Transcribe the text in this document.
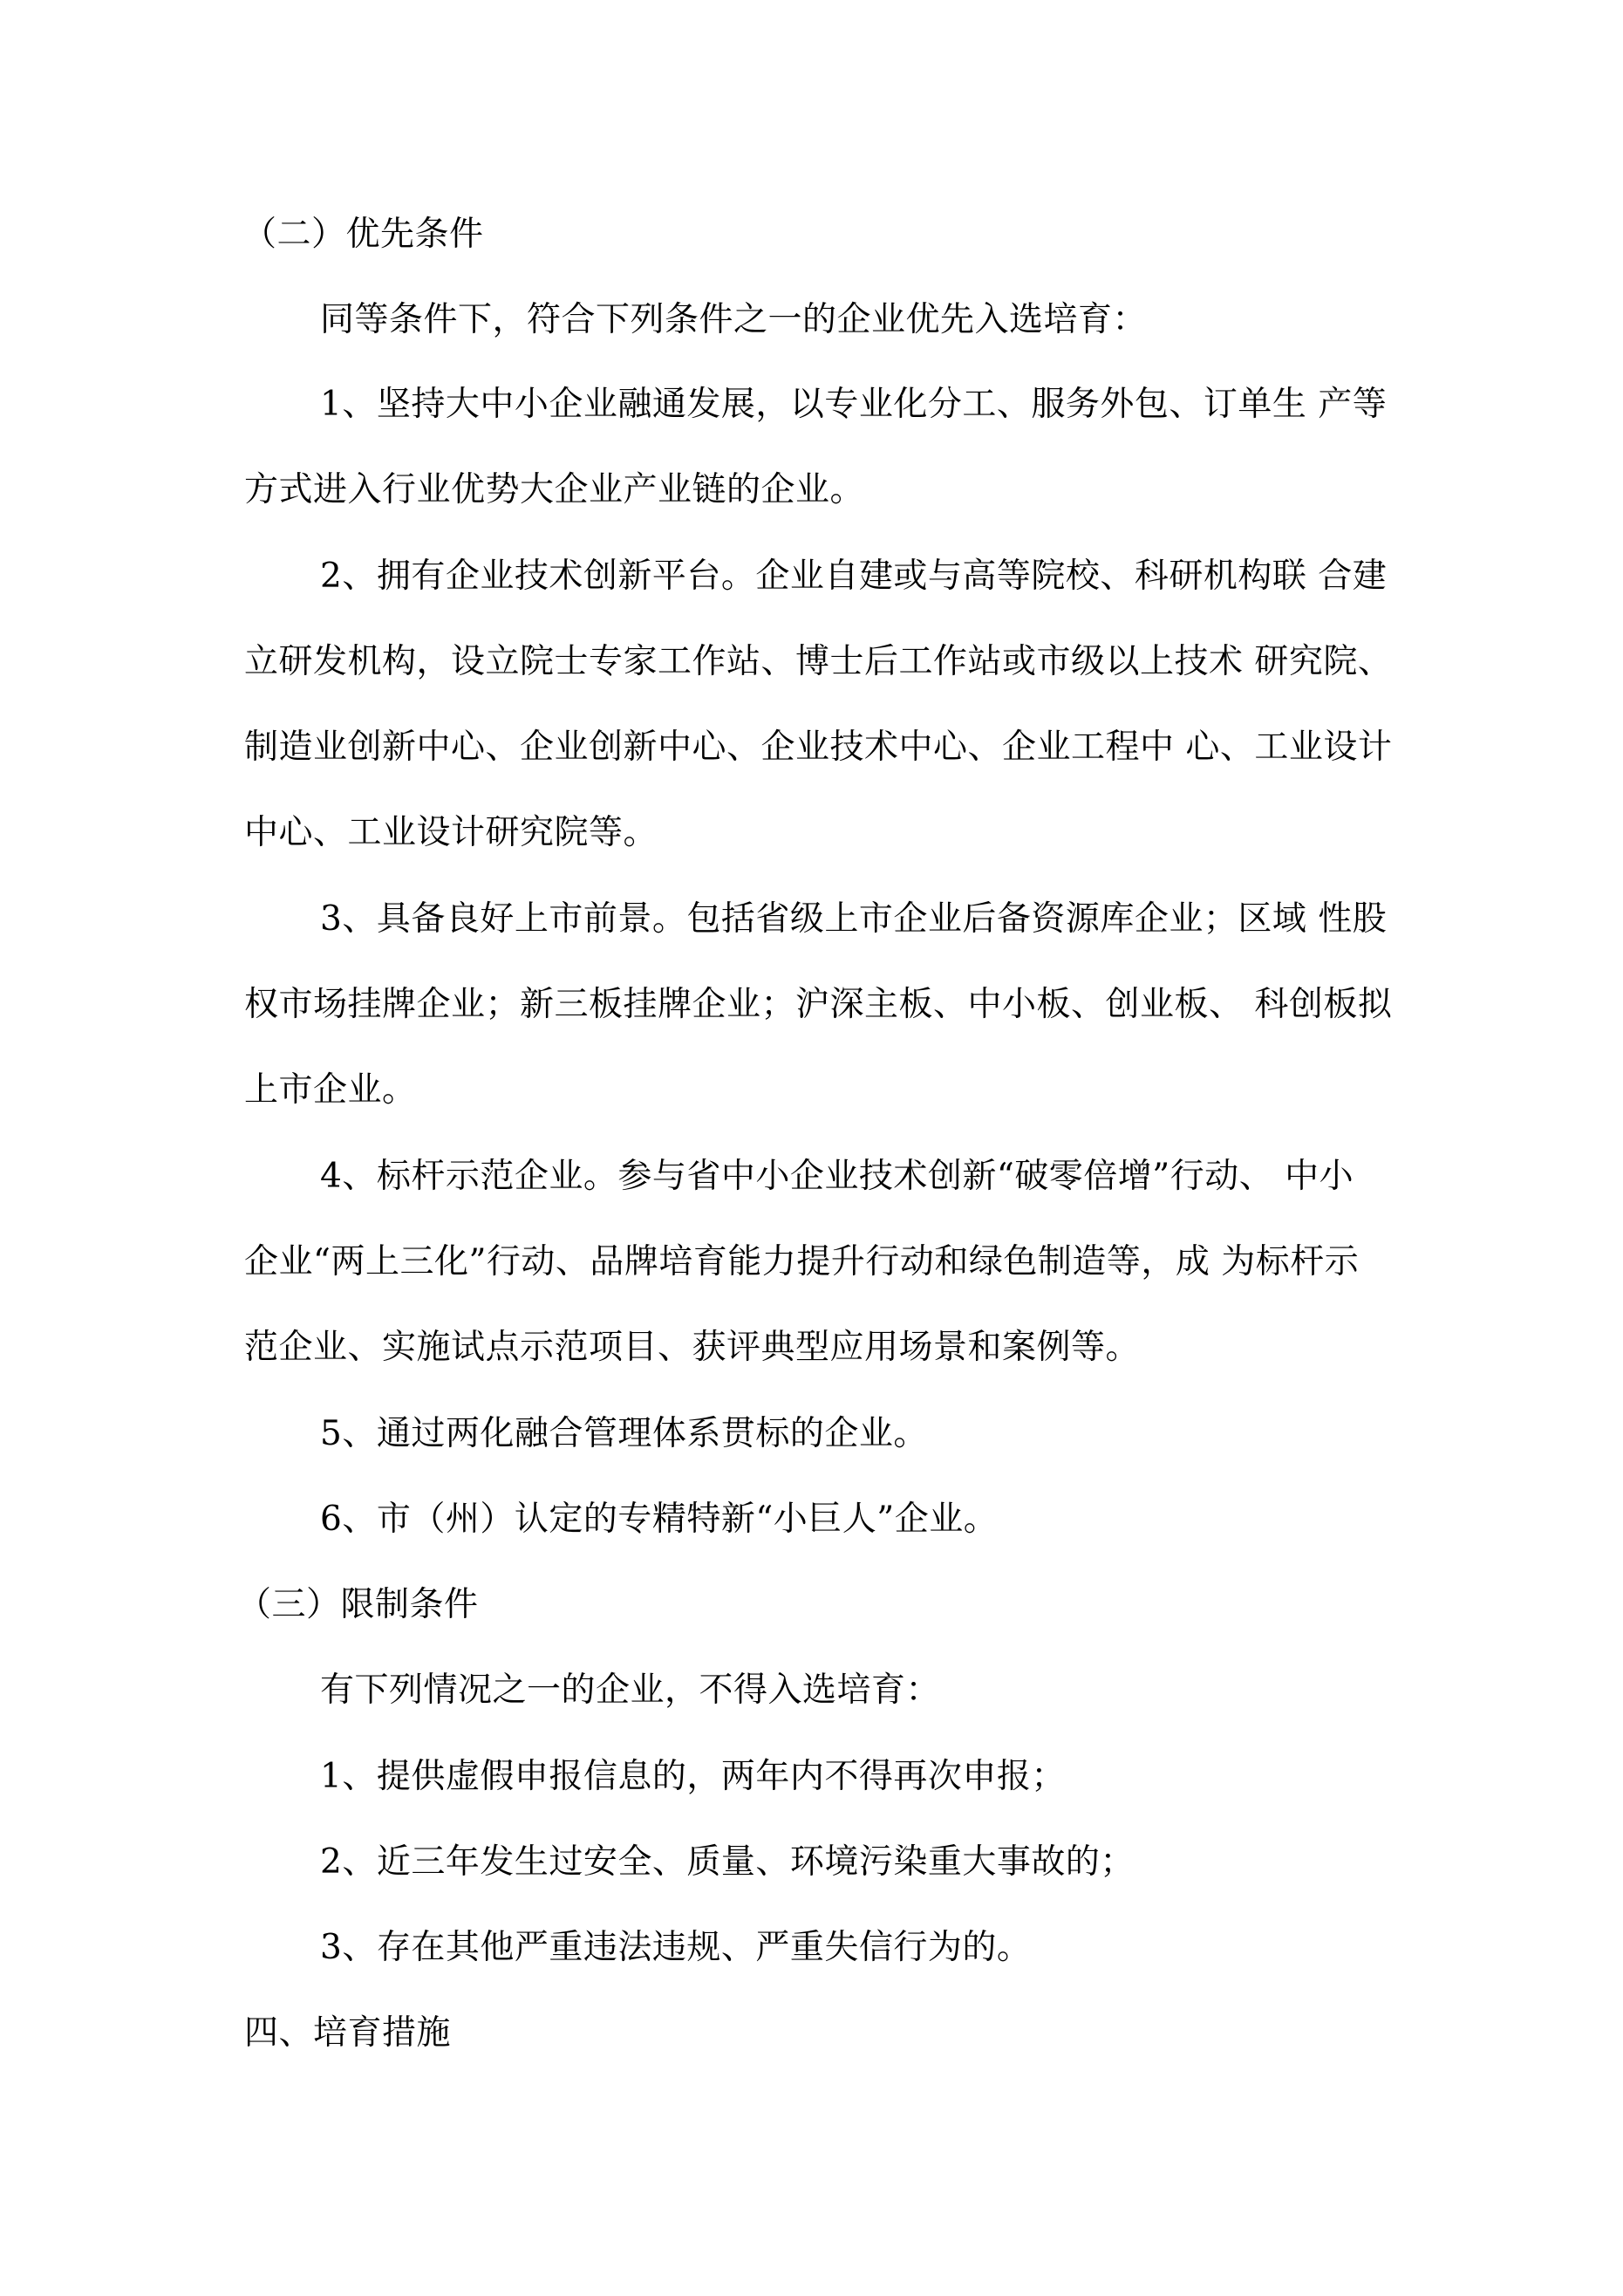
（二）优先条件
同等条件下，符合下列条件之一的企业优先入选培育：
1、坚持大中小企业融通发展，以专业化分工、服务外包、订单生 产等
方式进入行业优势大企业产业链的企业。
2、拥有企业技术创新平台。企业自建或与高等院校、科研机构联 合建
立研发机构，设立院士专家工作站、博士后工作站或市级以上技术 研究院、
制造业创新中心、企业创新中心、企业技术中心、企业工程中 心、工业设计
中心、工业设计研究院等。
3、具备良好上市前景。包括省级上市企业后备资源库企业；区域 性股
权市场挂牌企业；新三板挂牌企业；沪深主板、中小板、创业板、 科创板拟
上市企业。
4、标杆示范企业。参与省中小企业技术创新“破零倍增”行动、 中小
企业“两上三化”行动、品牌培育能力提升行动和绿色制造等，成 为标杆示
范企业、实施试点示范项目、获评典型应用场景和案例等。
5、通过两化融合管理体系贯标的企业。
6、市（州）认定的专精特新“小巨人”企业。
（三）限制条件
有下列情况之一的企业，不得入选培育：
1、提供虚假申报信息的，两年内不得再次申报；
2、近三年发生过安全、质量、环境污染重大事故的；
3、存在其他严重违法违规、严重失信行为的。
四、培育措施
